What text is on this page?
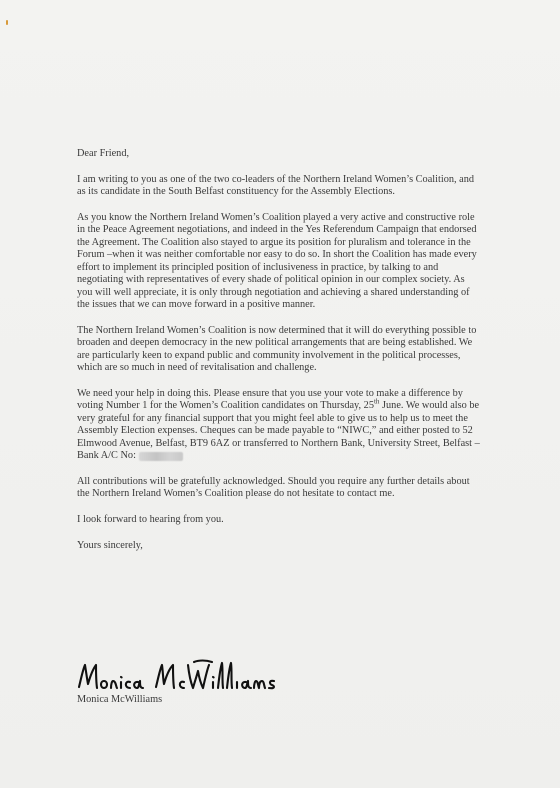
Dear Friend,

I am writing to you as one of the two co-leaders of the Northern Ireland Women’s Coalition, and as its candidate in the South Belfast constituency for the Assembly Elections.

As you know the Northern Ireland Women’s Coalition played a very active and constructive role in the Peace Agreement negotiations, and indeed in the Yes Referendum Campaign that endorsed the Agreement. The Coalition also stayed to argue its position for pluralism and tolerance in the Forum –when it was neither comfortable nor easy to do so. In short the Coalition has made every effort to implement its principled position of inclusiveness in practice, by talking to and negotiating with representatives of every shade of political opinion in our complex society. As you will well appreciate, it is only through negotiation and achieving a shared understanding of the issues that we can move forward in a positive manner.

The Northern Ireland Women’s Coalition is now determined that it will do everything possible to broaden and deepen democracy in the new political arrangements that are being established. We are particularly keen to expand public and community involvement in the political processes, which are so much in need of revitalisation and challenge.

We need your help in doing this. Please ensure that you use your vote to make a difference by voting Number 1 for the Women’s Coalition candidates on Thursday, 25th June. We would also be very grateful for any financial support that you might feel able to give us to help us to meet the Assembly Election expenses. Cheques can be made payable to “NIWC,” and either posted to 52 Elmwood Avenue, Belfast, BT9 6AZ or transferred to Northern Bank, University Street, Belfast – Bank A/C No:

All contributions will be gratefully acknowledged. Should you require any further details about the Northern Ireland Women’s Coalition please do not hesitate to contact me.

I look forward to hearing from you.

Yours sincerely,

Monica McWilliams
